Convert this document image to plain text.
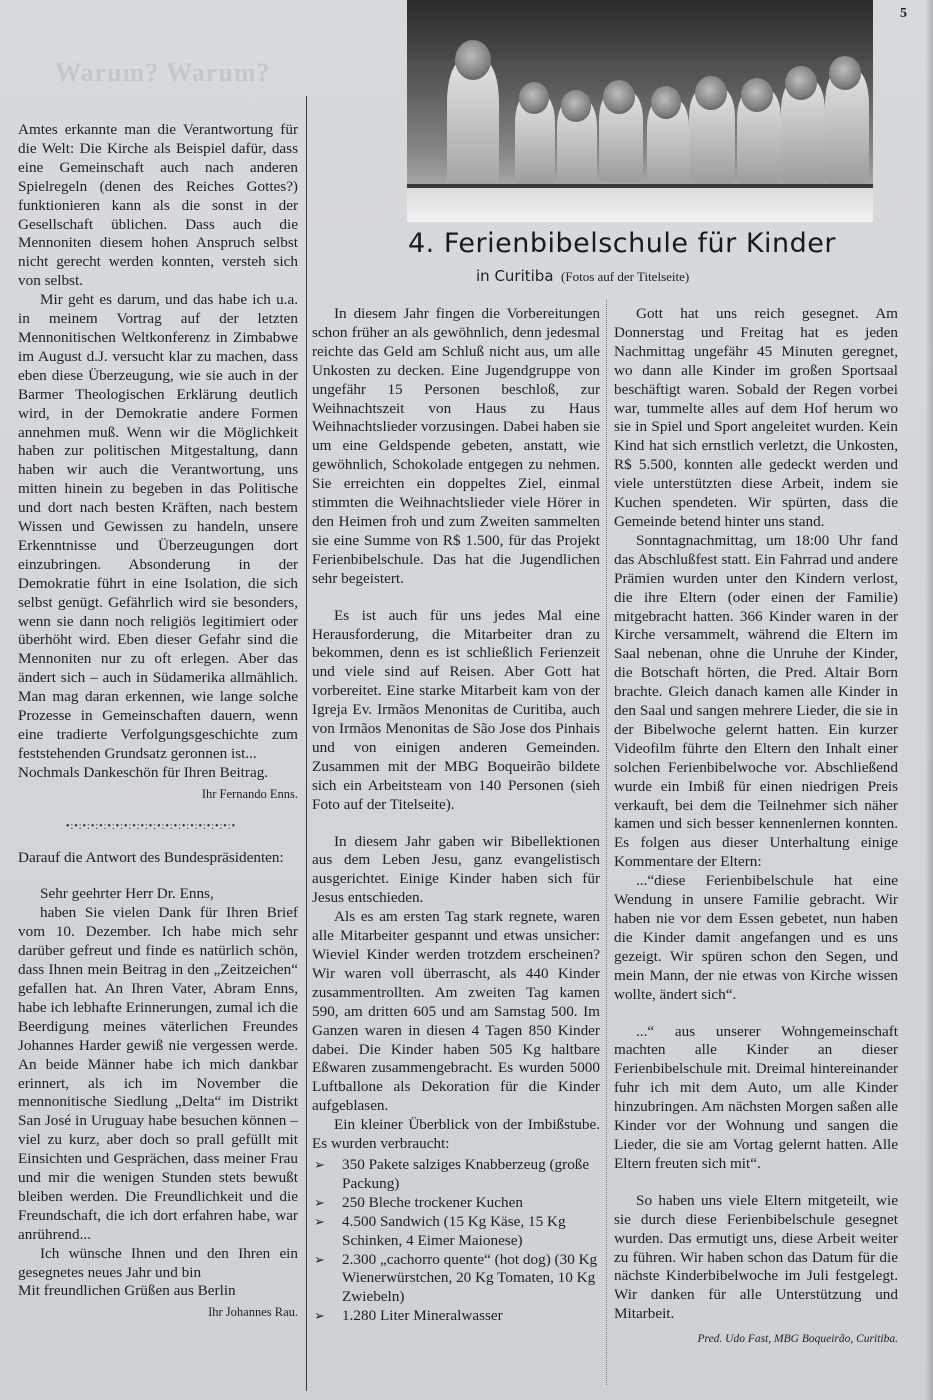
5
Warum? Warum?
4. Ferienbibelschule für Kinder
in Curitiba (Fotos auf der Titelseite)

Amtes erkannte man die Verantwortung für die Welt: Die Kirche als Beispiel dafür, dass eine Gemeinschaft auch nach anderen Spielregeln (denen des Reiches Gottes?) funktionieren kann als die sonst in der Gesellschaft üblichen. Dass auch die Mennoniten diesem hohen Anspruch selbst nicht gerecht werden konnten, versteh sich von selbst.

Mir geht es darum, und das habe ich u.a. in meinem Vortrag auf der letzten Mennonitischen Weltkonferenz in Zimbabwe im August d.J. versucht klar zu machen, dass eben diese Überzeugung, wie sie auch in der Barmer Theologischen Erklärung deutlich wird, in der Demokratie andere Formen annehmen muß. Wenn wir die Möglichkeit haben zur politischen Mitgestaltung, dann haben wir auch die Verantwortung, uns mitten hinein zu begeben in das Politische und dort nach besten Kräften, nach bestem Wissen und Gewissen zu handeln, unsere Erkenntnisse und Überzeugungen dort einzubringen. Absonderung in der Demokratie führt in eine Isolation, die sich selbst genügt. Gefährlich wird sie besonders, wenn sie dann noch religiös legitimiert oder überhöht wird. Eben dieser Gefahr sind die Mennoniten nur zu oft erlegen. Aber das ändert sich – auch in Südamerika allmählich. Man mag daran erkennen, wie lange solche Prozesse in Gemeinschaften dauern, wenn eine tradierte Verfolgungsgeschichte zum feststehenden Grundsatz geronnen ist...

Nochmals Dankeschön für Ihren Beitrag.

Ihr Fernando Enns.
•:•:•:•:•:•:•:•:•:•:•:•:•:•:•:•:•:•:•:•:•

Darauf die Antwort des Bundespräsidenten:

Sehr geehrter Herr Dr. Enns,

haben Sie vielen Dank für Ihren Brief vom 10. Dezember. Ich habe mich sehr darüber gefreut und finde es natürlich schön, dass Ihnen mein Beitrag in den „Zeitzeichen“ gefallen hat. An Ihren Vater, Abram Enns, habe ich lebhafte Erinnerungen, zumal ich die Beerdigung meines väterlichen Freundes Johannes Harder gewiß nie vergessen werde. An beide Männer habe ich mich dankbar erinnert, als ich im November die mennonitische Siedlung „Delta“ im Distrikt San José in Uruguay habe besuchen können – viel zu kurz, aber doch so prall gefüllt mit Einsichten und Gesprächen, dass meiner Frau und mir die wenigen Stunden stets bewußt bleiben werden. Die Freundlichkeit und die Freundschaft, die ich dort erfahren habe, war anrührend...

Ich wünsche Ihnen und den Ihren ein gesegnetes neues Jahr und bin

Mit freundlichen Grüßen aus Berlin

Ihr Johannes Rau.

In diesem Jahr fingen die Vorbereitungen schon früher an als gewöhnlich, denn jedesmal reichte das Geld am Schluß nicht aus, um alle Unkosten zu decken. Eine Jugendgruppe von ungefähr 15 Personen beschloß, zur Weihnachtszeit von Haus zu Haus Weihnachtslieder vorzusingen. Dabei haben sie um eine Geldspende gebeten, anstatt, wie gewöhnlich, Schokolade entgegen zu nehmen. Sie erreichten ein doppeltes Ziel, einmal stimmten die Weihnachtslieder viele Hörer in den Heimen froh und zum Zweiten sammelten sie eine Summe von R$ 1.500, für das Projekt Ferienbibelschule. Das hat die Jugendlichen sehr begeistert.

Es ist auch für uns jedes Mal eine Herausforderung, die Mitarbeiter dran zu bekommen, denn es ist schließlich Ferienzeit und viele sind auf Reisen. Aber Gott hat vorbereitet. Eine starke Mitarbeit kam von der Igreja Ev. Irmãos Menonitas de Curitiba, auch von Irmãos Menonitas de São Jose dos Pinhais und von einigen anderen Gemeinden. Zusammen mit der MBG Boqueirão bildete sich ein Arbeitsteam von 140 Personen (sieh Foto auf der Titelseite).

In diesem Jahr gaben wir Bibellektionen aus dem Leben Jesu, ganz evangelistisch ausgerichtet. Einige Kinder haben sich für Jesus entschieden.

Als es am ersten Tag stark regnete, waren alle Mitarbeiter gespannt und etwas unsicher: Wieviel Kinder werden trotzdem erscheinen? Wir waren voll überrascht, als 440 Kinder zusammentrollten. Am zweiten Tag kamen 590, am dritten 605 und am Samstag 500. Im Ganzen waren in diesen 4 Tagen 850 Kinder dabei. Die Kinder haben 505 Kg haltbare Eßwaren zusammengebracht. Es wurden 5000 Luftballone als Dekoration für die Kinder aufgeblasen.

Ein kleiner Überblick von der Imbißstube. Es wurden verbraucht:

➢ 350 Pakete salziges Knabberzeug (große Packung)
➢ 250 Bleche trockener Kuchen
➢ 4.500 Sandwich (15 Kg Käse, 15 Kg Schinken, 4 Eimer Maionese)
➢ 2.300 „cachorro quente“ (hot dog) (30 Kg Wienerwürstchen, 20 Kg Tomaten, 10 Kg Zwiebeln)
➢ 1.280 Liter Mineralwasser

Gott hat uns reich gesegnet. Am Donnerstag und Freitag hat es jeden Nachmittag ungefähr 45 Minuten geregnet, wo dann alle Kinder im großen Sportsaal beschäftigt waren. Sobald der Regen vorbei war, tummelte alles auf dem Hof herum wo sie in Spiel und Sport angeleitet wurden. Kein Kind hat sich ernstlich verletzt, die Unkosten, R$ 5.500, konnten alle gedeckt werden und viele unterstützten diese Arbeit, indem sie Kuchen spendeten. Wir spürten, dass die Gemeinde betend hinter uns stand.

Sonntagnachmittag, um 18:00 Uhr fand das Abschlußfest statt. Ein Fahrrad und andere Prämien wurden unter den Kindern verlost, die ihre Eltern (oder einen der Familie) mitgebracht hatten. 366 Kinder waren in der Kirche versammelt, während die Eltern im Saal nebenan, ohne die Unruhe der Kinder, die Botschaft hörten, die Pred. Altair Born brachte. Gleich danach kamen alle Kinder in den Saal und sangen mehrere Lieder, die sie in der Bibelwoche gelernt hatten. Ein kurzer Videofilm führte den Eltern den Inhalt einer solchen Ferienbibelwoche vor. Abschließend wurde ein Imbiß für einen niedrigen Preis verkauft, bei dem die Teilnehmer sich näher kamen und sich besser kennenlernen konnten. Es folgen aus dieser Unterhaltung einige Kommentare der Eltern:

...“diese Ferienbibelschule hat eine Wendung in unsere Familie gebracht. Wir haben nie vor dem Essen gebetet, nun haben die Kinder damit angefangen und es uns gezeigt. Wir spüren schon den Segen, und mein Mann, der nie etwas von Kirche wissen wollte, ändert sich“.

...“ aus unserer Wohngemeinschaft machten alle Kinder an dieser Ferienbibelschule mit. Dreimal hintereinander fuhr ich mit dem Auto, um alle Kinder hinzubringen. Am nächsten Morgen saßen alle Kinder vor der Wohnung und sangen die Lieder, die sie am Vortag gelernt hatten. Alle Eltern freuten sich mit“.

So haben uns viele Eltern mitgeteilt, wie sie durch diese Ferienbibelschule gesegnet wurden. Das ermutigt uns, diese Arbeit weiter zu führen. Wir haben schon das Datum für die nächste Kinderbibelwoche im Juli festgelegt. Wir danken für alle Unterstützung und Mitarbeit.

Pred. Udo Fast, MBG Boqueirão, Curitiba.
